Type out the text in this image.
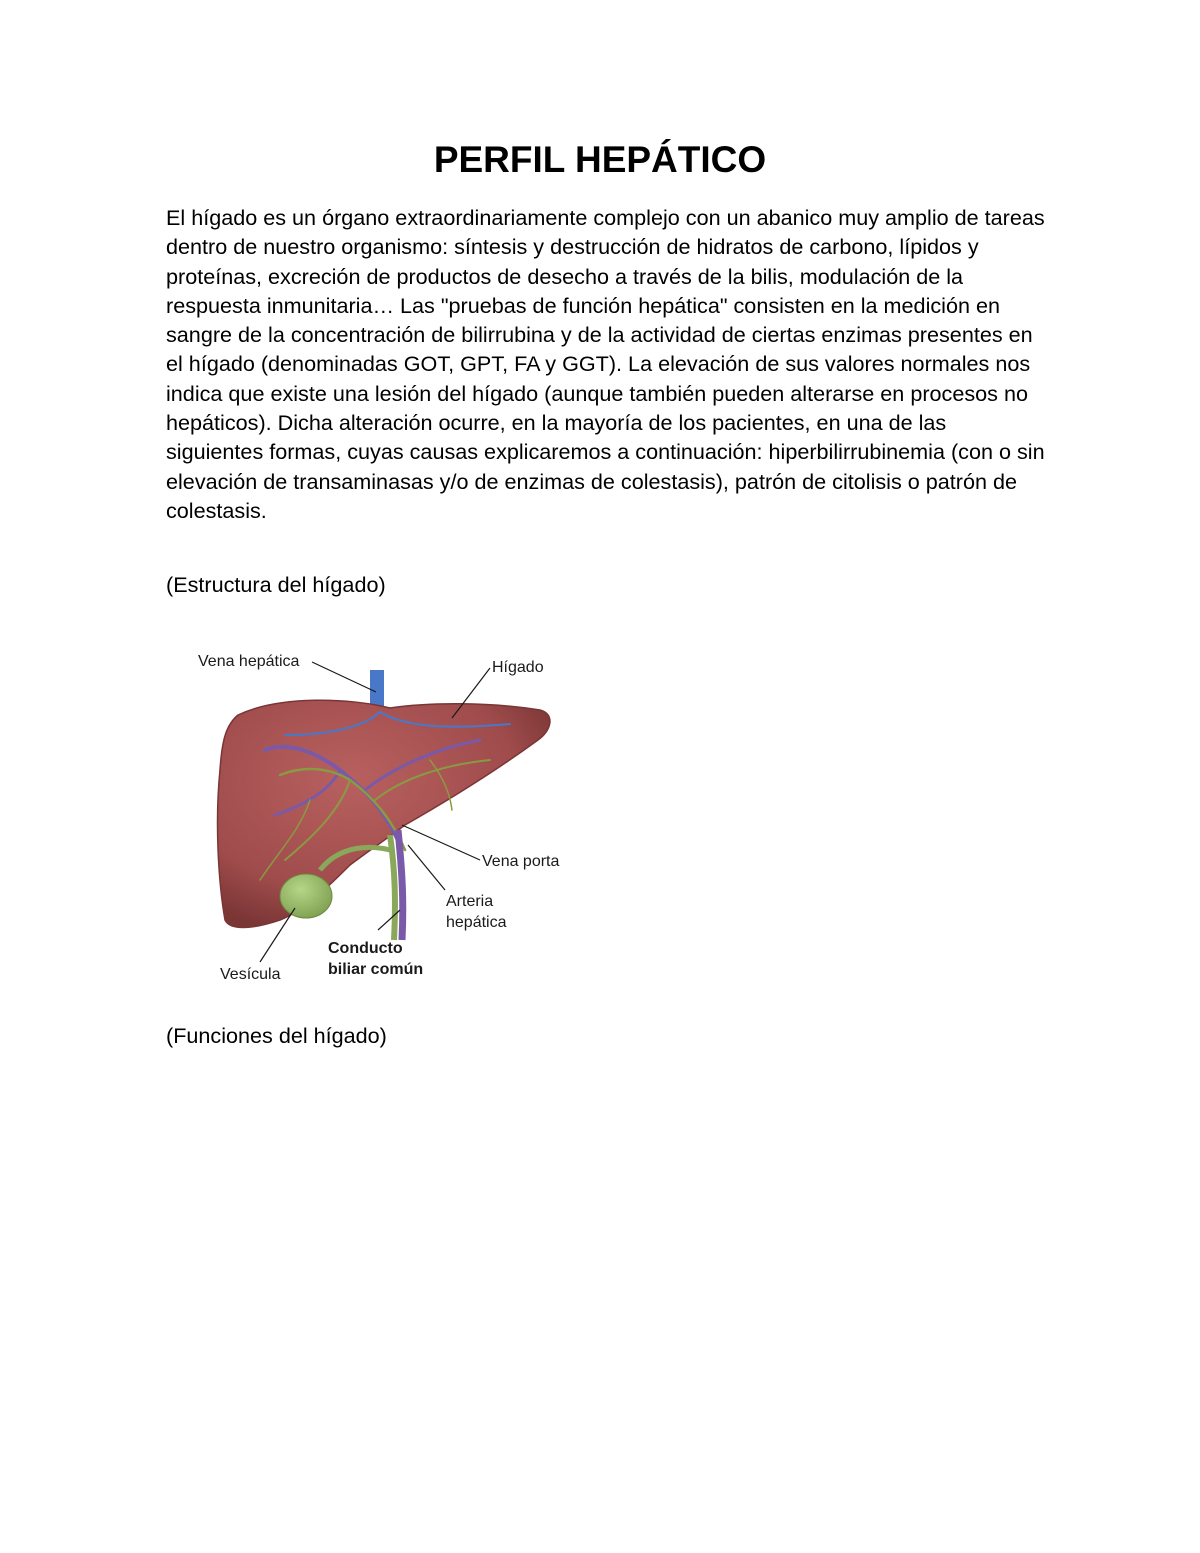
PERFIL HEPÁTICO

El hígado es un órgano extraordinariamente complejo con un abanico muy amplio de tareas dentro de nuestro organismo: síntesis y destrucción de hidratos de carbono, lípidos y proteínas, excreción de productos de desecho a través de la bilis, modulación de la respuesta inmunitaria… Las "pruebas de función hepática" consisten en la medición en sangre de la concentración de bilirrubina y de la actividad de ciertas enzimas presentes en el hígado (denominadas GOT, GPT, FA y GGT). La elevación de sus valores normales nos indica que existe una lesión del hígado (aunque también pueden alterarse en procesos no hepáticos). Dicha alteración ocurre, en la mayoría de los pacientes, en una de las siguientes formas, cuyas causas explicaremos a continuación: hiperbilirrubinemia (con o sin elevación de transaminasas y/o de enzimas de colestasis), patrón de citolisis o patrón de colestasis.

(Estructura del hígado)

Vena hepática	Hígado
Vena porta
Arteria
hepática
Conducto
biliar común
Vesícula

(Funciones del hígado)
